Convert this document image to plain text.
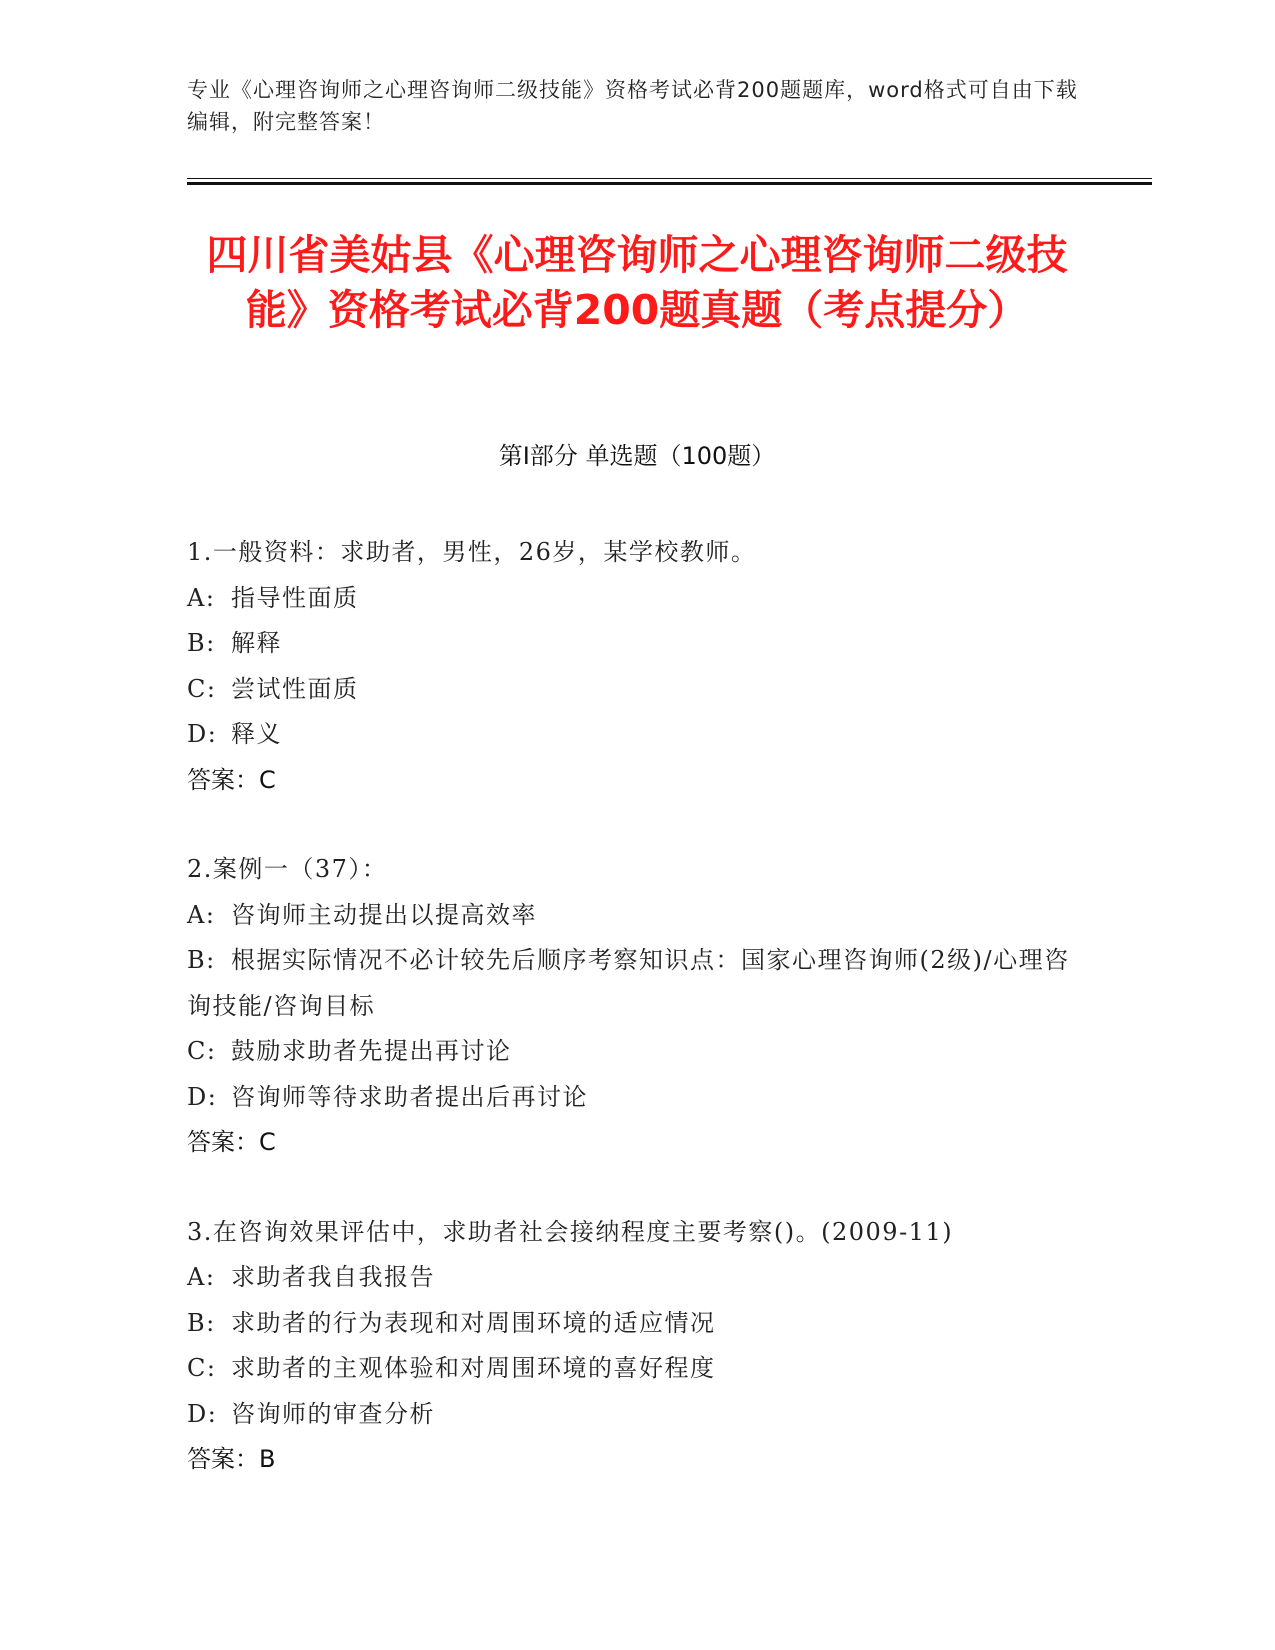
专业《心理咨询师之心理咨询师二级技能》资格考试必背200题题库，word格式可自由下载编辑，附完整答案！
四川省美姑县《心理咨询师之心理咨询师二级技能》资格考试必背200题真题（考点提分）
第I部分 单选题（100题）
1.一般资料：求助者，男性，26岁，某学校教师。
A: 指导性面质
B: 解释
C: 尝试性面质
D: 释义
答案：C
2.案例一（37）：
A: 咨询师主动提出以提高效率
B: 根据实际情况不必计较先后顺序考察知识点：国家心理咨询师(2级)/心理咨询技能/咨询目标
C: 鼓励求助者先提出再讨论
D: 咨询师等待求助者提出后再讨论
答案：C
3.在咨询效果评估中，求助者社会接纳程度主要考察()。(2009-11)
A: 求助者我自我报告
B: 求助者的行为表现和对周围环境的适应情况
C: 求助者的主观体验和对周围环境的喜好程度
D: 咨询师的审查分析
答案：B
